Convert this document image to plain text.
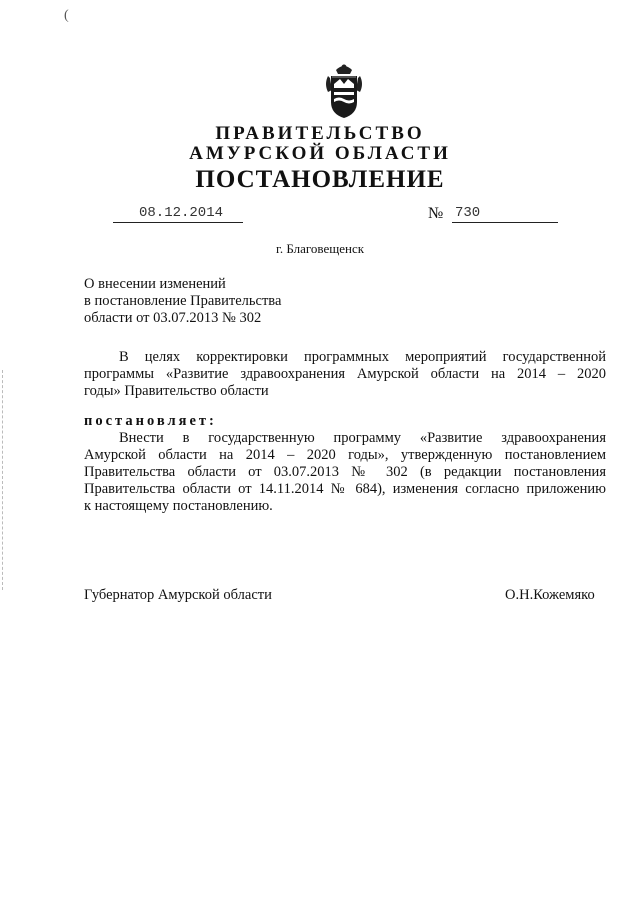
(
ПРАВИТЕЛЬСТВО
АМУРСКОЙ ОБЛАСТИ
ПОСТАНОВЛЕНИЕ
08.12.2014	№ 730
г. Благовещенск
О внесении изменений
в постановление Правительства
области от 03.07.2013 № 302
В целях корректировки программных мероприятий государственной
программы «Развитие здравоохранения Амурской области на 2014 – 2020
годы» Правительство области
постановляет:
Внести в государственную программу «Развитие здравоохранения
Амурской области на 2014 – 2020 годы», утвержденную постановлением
Правительства области от 03.07.2013 № 302 (в редакции постановления
Правительства области от 14.11.2014 № 684), изменения согласно приложению
к настоящему постановлению.
Губернатор Амурской области	О.Н.Кожемяко
